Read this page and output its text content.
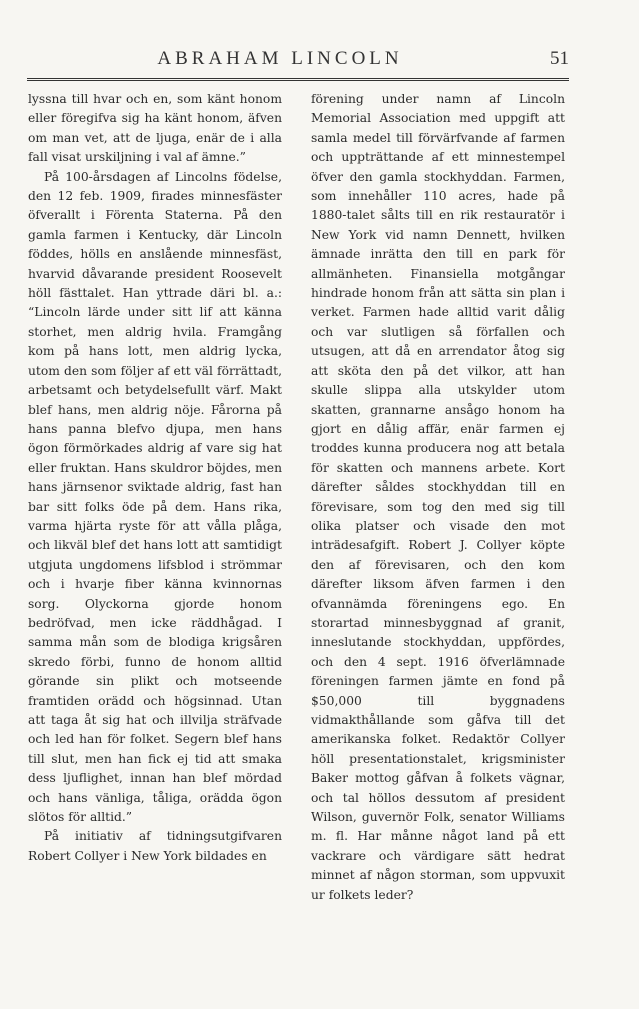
ABRAHAM LINCOLN	51

lyssna till hvar och en, som känt honom eller föregifva sig ha känt honom, äfven om man vet, att de ljuga, enär de i alla fall visat urskiljning i val af ämne.”

På 100-årsdagen af Lincolns födelse, den 12 feb. 1909, firades minnesfäster öfverallt i Förenta Staterna. På den gamla farmen i Kentucky, där Lincoln föddes, hölls en anslående minnesfäst, hvarvid dåvarande president Roosevelt höll fästtalet. Han yttrade däri bl. a.: “Lincoln lärde under sitt lif att känna storhet, men aldrig hvila. Framgång kom på hans lott, men aldrig lycka, utom den som följer af ett väl förrättadt, arbetsamt och betydelsefullt värf. Makt blef hans, men aldrig nöje. Fårorna på hans panna blefvo djupa, men hans ögon förmörkades aldrig af vare sig hat eller fruktan. Hans skuldror böjdes, men hans järnsenor sviktade aldrig, fast han bar sitt folks öde på dem. Hans rika, varma hjärta ryste för att vålla plåga, och likväl blef det hans lott att samtidigt utgjuta ungdomens lifsblod i strömmar och i hvarje fiber känna kvinnornas sorg. Olyckorna gjorde honom bedröfvad, men icke räddhågad. I samma mån som de blodiga krigsåren skredo förbi, funno de honom alltid görande sin plikt och motseende framtiden orädd och högsinnad. Utan att taga åt sig hat och illvilja sträfvade och led han för folket. Segern blef hans till slut, men han fick ej tid att smaka dess ljuflighet, innan han blef mördad och hans vänliga, tåliga, orädda ögon slötos för alltid.”

På initiativ af tidningsutgifvaren Robert Collyer i New York bildades en

förening under namn af Lincoln Memorial Association med uppgift att samla medel till förvärfvande af farmen och uppträttande af ett minnestempel öfver den gamla stockhyddan. Farmen, som innehåller 110 acres, hade på 1880-talet sålts till en rik restauratör i New York vid namn Dennett, hvilken ämnade inrätta den till en park för allmänheten. Finansiella motgångar hindrade honom från att sätta sin plan i verket. Farmen hade alltid varit dålig och var slutligen så förfallen och utsugen, att då en arrendator åtog sig att sköta den på det vilkor, att han skulle slippa alla utskylder utom skatten, grannarne ansågo honom ha gjort en dålig affär, enär farmen ej troddes kunna producera nog att betala för skatten och mannens arbete. Kort därefter såldes stockhyddan till en förevisare, som tog den med sig till olika platser och visade den mot inträdesafgift. Robert J. Collyer köpte den af förevisaren, och den kom därefter liksom äfven farmen i den ofvannämda föreningens ego. En storartad minnesbyggnad af granit, inneslutande stockhyddan, uppfördes, och den 4 sept. 1916 öfverlämnade föreningen farmen jämte en fond på $50,000 till byggnadens vidmakthållande som gåfva till det amerikanska folket. Redaktör Collyer höll presentationstalet, krigsminister Baker mottog gåfvan å folkets vägnar, och tal höllos dessutom af president Wilson, guvernör Folk, senator Williams m. fl. Har månne något land på ett vackrare och värdigare sätt hedrat minnet af någon storman, som uppvuxit ur folkets leder?
